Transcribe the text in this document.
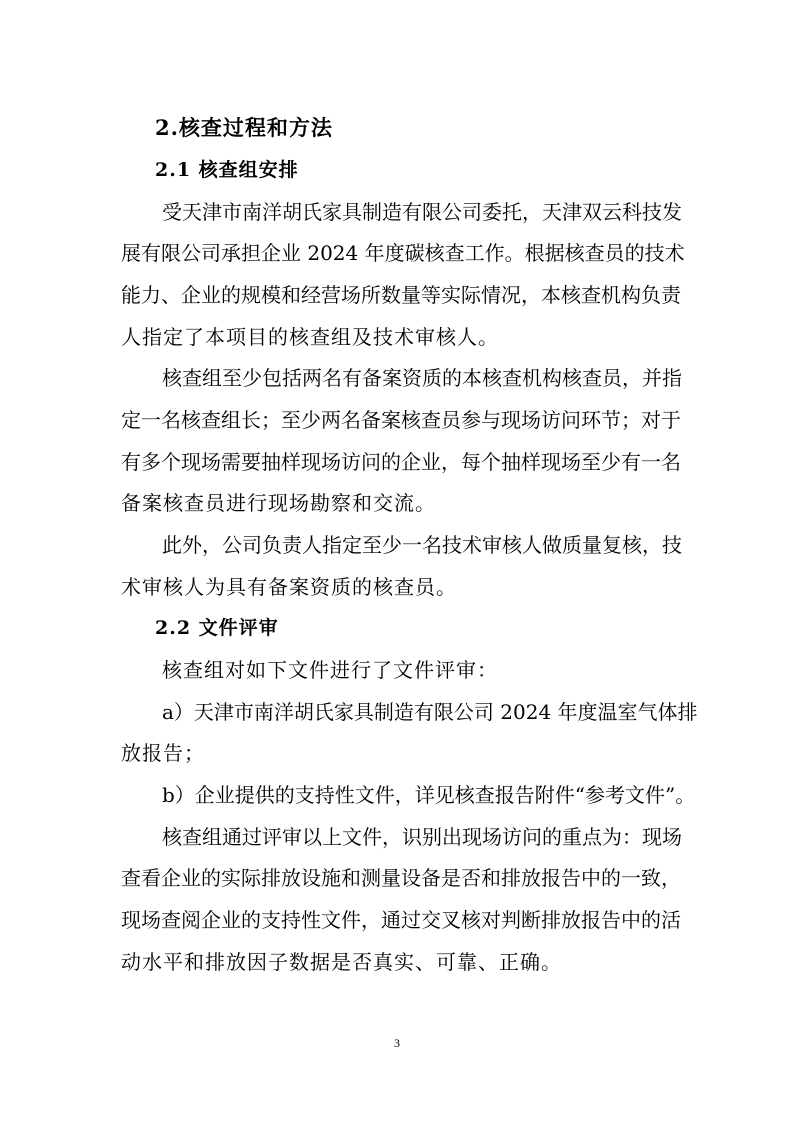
2.核查过程和方法
2.1 核查组安排
受天津市南洋胡氏家具制造有限公司委托，天津双云科技发
展有限公司承担企业 2024 年度碳核查工作。根据核查员的技术
能力、企业的规模和经营场所数量等实际情况，本核查机构负责
人指定了本项目的核查组及技术审核人。
核查组至少包括两名有备案资质的本核查机构核查员，并指
定一名核查组长；至少两名备案核查员参与现场访问环节；对于
有多个现场需要抽样现场访问的企业，每个抽样现场至少有一名
备案核查员进行现场勘察和交流。
此外，公司负责人指定至少一名技术审核人做质量复核，技
术审核人为具有备案资质的核查员。
2.2 文件评审
核查组对如下文件进行了文件评审：
a）天津市南洋胡氏家具制造有限公司 2024 年度温室气体排
放报告；
b）企业提供的支持性文件，详见核查报告附件“参考文件”。
核查组通过评审以上文件，识别出现场访问的重点为：现场
查看企业的实际排放设施和测量设备是否和排放报告中的一致，
现场查阅企业的支持性文件，通过交叉核对判断排放报告中的活
动水平和排放因子数据是否真实、可靠、正确。
3
